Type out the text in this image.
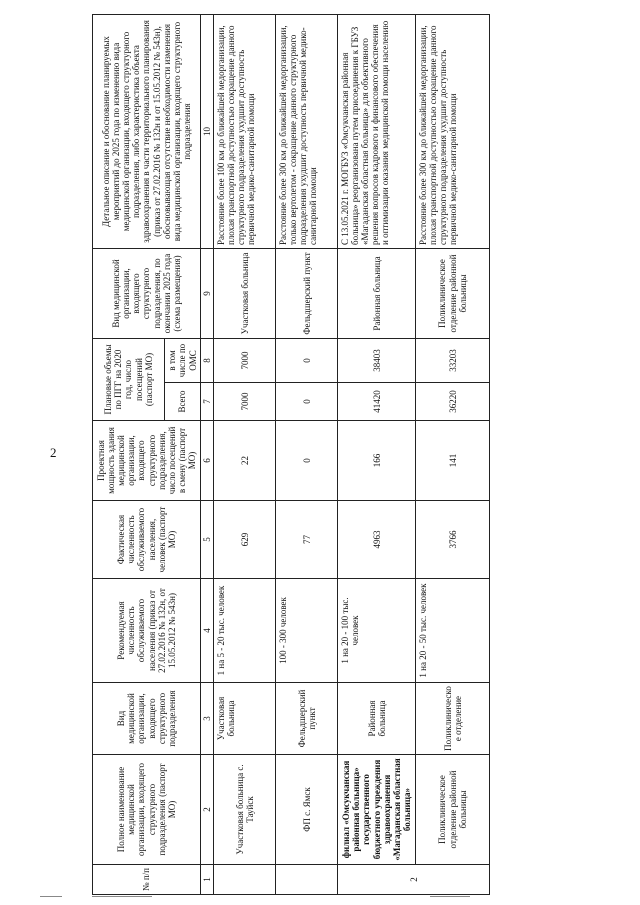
2
№ п/п	Полное наименование медицинской организации, входящего структурного подразделения (паспорт МО)	Вид медицинской организации, входящего структурного подразделения	Рекомендуемая численность обслуживаемого населения (приказ от 27.02.2016 № 132н, от 15.05.2012 № 543н)	Фактическая численность обслуживаемого населения, человек (паспорт МО)	Проектная мощность здания медицинской организации, входящего структурного подразделения, число посещений в смену (паспорт МО)	Плановые объемы по ПГГ на 2020 год, число посещений (паспорт МО)		Вид медицинской организации, входящего структурного подразделения, по окончании 2025 года (схема размещения)	Детальное описание и обоснование планируемых мероприятий до 2025 года по изменению вида медицинской организации, входящего структурного подразделения, либо характеристика объекта здравоохранения в части территориального планирования (приказ от 27.02.2016 № 132н и от 15.05.2012 № 543н), обосновывающая отсутствие необходимости изменения вида медицинской организации, входящего структурного подразделения
						Всего	в том числе по ОМС		
1	2	3	4	5	6	7	8	9	10
	Участковая больница с. Тауйск	Участковая больница	1 на 5 - 20 тыс. человек	629	22	7000	7000	Участковая больница	Расстояние более 100 км до ближайшей медорганизации, плохая транспортной доступностью сокращение данного структурного подразделения ухудшит доступность первичной медико-санитарной помощи
	ФП с. Ямск	Фельдшерский пункт	100 - 300 человек	77	0	0	0	Фельдшерский пункт	Расстояние более 300 км до ближайшей медорганизации, только вертолетом - сокращение данного структурного подразделения ухудшит доступность первичной медико-санитарной помощи
2	филиал «Омсукчанская районная больница» государственного бюджетного учреждения здравоохранения «Магаданская областная больница»	Районная больница	1 на 20 - 100 тыс. человек	4963	166	41420	38403	Районная больница	С 13.05.2021 г. МОГБУЗ «Омсукчанская районная больница» реорганизована путем присоединения к ГБУЗ «Магаданская областная больница» для объективного решения вопросов кадрового и финансового обеспечения и оптимизации оказания медицинской помощи населению
	Поликлиническое отделение районной больницы	Поликлиническое отделение	1 на 20 - 50 тыс. человек	3766	141	36220	33203	Поликлиническое отделение районной больницы	Расстояние более 300 км до ближайшей медорганизации, плохая транспортной доступностью сокращение данного структурного подразделения ухудшит доступность первичной медико-санитарной помощи
